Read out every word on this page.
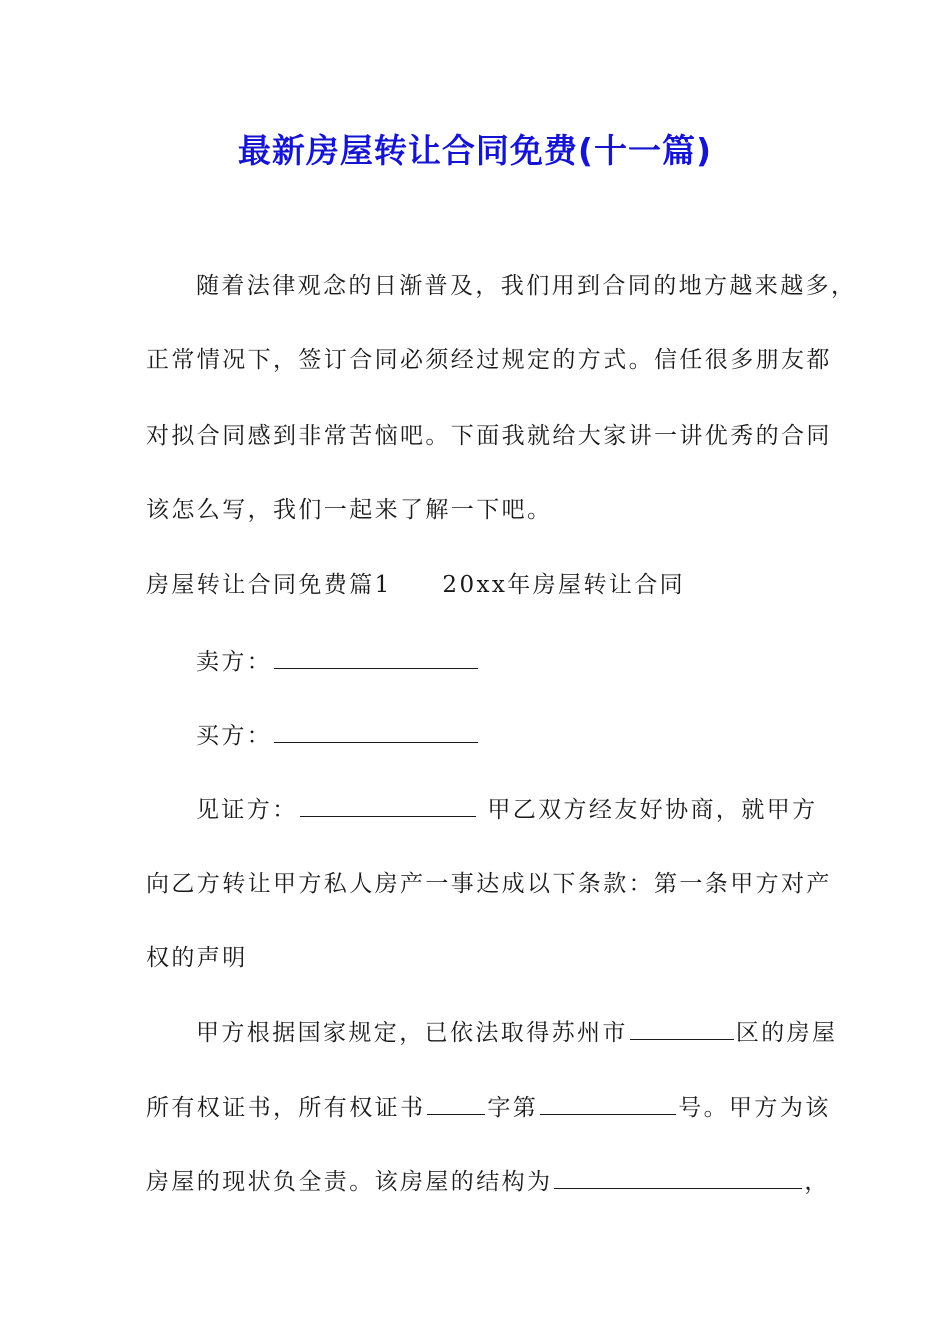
最新房屋转让合同免费(十一篇)
随着法律观念的日渐普及，我们用到合同的地方越来越多，
正常情况下，签订合同必须经过规定的方式。信任很多朋友都
对拟合同感到非常苦恼吧。下面我就给大家讲一讲优秀的合同
该怎么写，我们一起来了解一下吧。
房屋转让合同免费篇1　　20xx年房屋转让合同
卖方：
买方：
见证方：	甲乙双方经友好协商，就甲方
向乙方转让甲方私人房产一事达成以下条款：第一条甲方对产
权的声明
甲方根据国家规定，已依法取得苏州市	区的房屋
所有权证书，所有权证书	字第	号。甲方为该
房屋的现状负全责。该房屋的结构为	，
